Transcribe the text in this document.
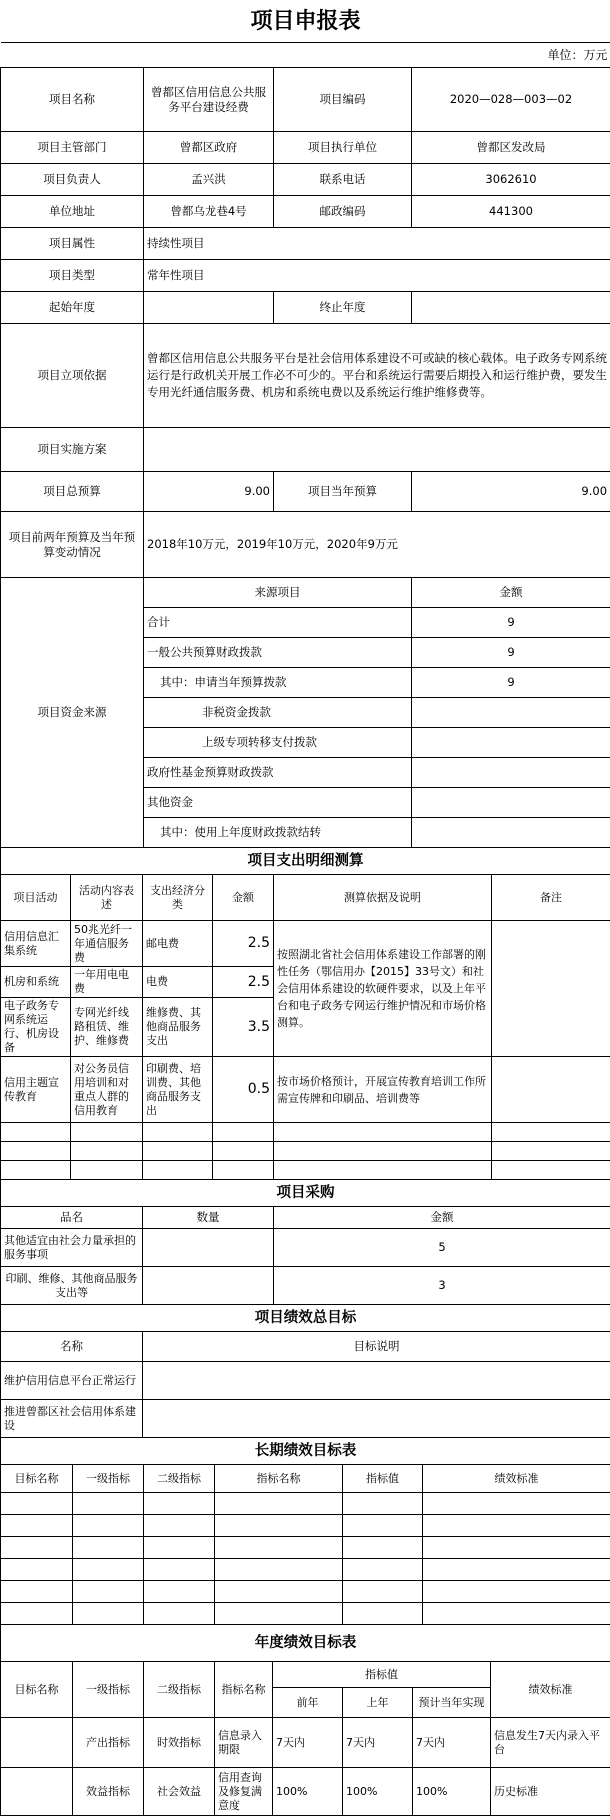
项目申报表			
单位：万元			
项目名称	曾都区信用信息公共服务平台建设经费	项目编码	2020—028—003—02
项目主管部门	曾都区政府	项目执行单位	曾都区发改局
项目负责人	孟兴洪	联系电话	3062610
单位地址	曾都乌龙巷4号	邮政编码	441300
项目属性	持续性项目		
项目类型	常年性项目		
起始年度		终止年度	
项目立项依据	曾都区信用信息公共服务平台是社会信用体系建设不可或缺的核心载体。电子政务专网系统运行是行政机关开展工作必不可少的。平台和系统运行需要后期投入和运行维护费，要发生专用光纤通信服务费、机房和系统电费以及系统运行维护维修费等。		
项目实施方案			
项目总预算	9.00	项目当年预算	9.00
项目前两年预算及当年预算变动情况	2018年10万元，2019年10万元，2020年9万元		
项目资金来源	来源项目		金额
	合计		9
	一般公共预算财政拨款		9
	其中：申请当年预算拨款		9
	非税资金拨款		
	上级专项转移支付拨款		
	政府性基金预算财政拨款		
	其他资金		
	其中：使用上年度财政拨款结转		
项目支出明细测算					
项目活动	活动内容表述	支出经济分类	金额	测算依据及说明	备注
信用信息汇集系统	50兆光纤一年通信服务费	邮电费	2.5	按照湖北省社会信用体系建设工作部署的刚性任务（鄂信用办【2015】33号文）和社会信用体系建设的软硬件要求，以及上年平台和电子政务专网运行维护情况和市场价格测算。	
机房和系统	一年用电电费	电费	2.5		
电子政务专网系统运行、机房设备	专网光纤线路租赁、维护、维修费	维修费、其他商品服务支出	3.5		
信用主题宣传教育	对公务员信用培训和对重点人群的信用教育	印刷费、培训费、其他商品服务支出	0.5	按市场价格预计，开展宣传教育培训工作所需宣传牌和印刷品、培训费等	

项目采购		
品名	数量	金额
其他适宜由社会力量承担的服务事项		5
印刷、维修、其他商品服务支出等		3
项目绩效总目标	
名称	目标说明
维护信用信息平台正常运行	
推进曾都区社会信用体系建设	
长期绩效目标表					
目标名称	一级指标	二级指标	指标名称	指标值	绩效标准

年度绩效目标表							
目标名称	一级指标	二级指标	指标名称	指标值			绩效标准
				前年	上年	预计当年实现	
	产出指标	时效指标	信息录入期限	7天内	7天内	7天内	信息发生7天内录入平台
	效益指标	社会效益	信用查询及修复满意度	100%	100%	100%	历史标准
